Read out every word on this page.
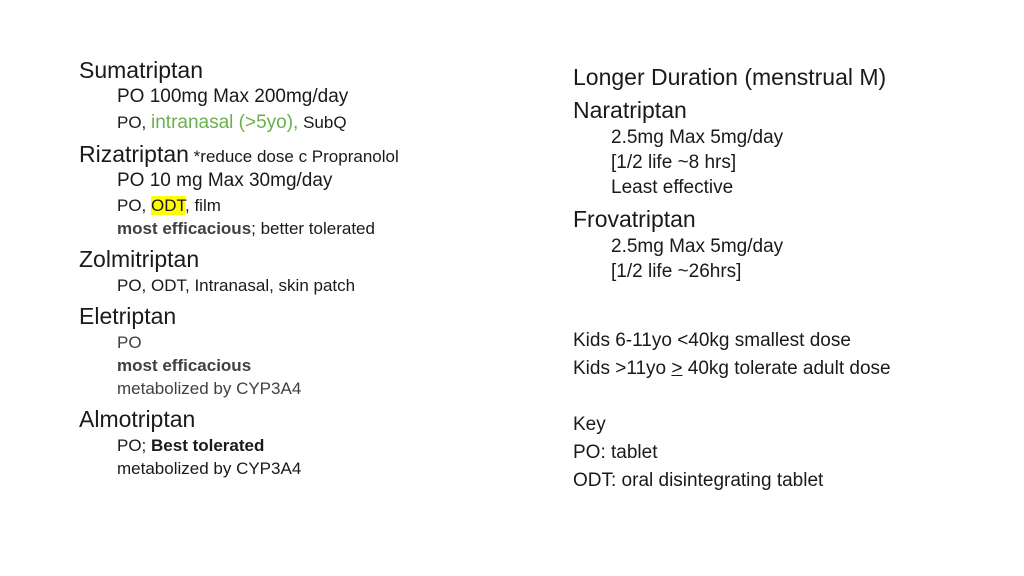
Sumatriptan
PO 100mg Max 200mg/day
PO, intranasal (>5yo), SubQ
Rizatriptan *reduce dose c Propranolol
PO 10 mg Max 30mg/day
PO, ODT, film
most efficacious; better tolerated
Zolmitriptan
PO, ODT, Intranasal, skin patch
Eletriptan
PO
most efficacious
metabolized by CYP3A4
Almotriptan
PO; Best tolerated
metabolized by CYP3A4
Longer Duration (menstrual M)
Naratriptan
2.5mg Max 5mg/day
[1/2 life ~8 hrs]
Least effective
Frovatriptan
2.5mg Max 5mg/day
[1/2 life ~26hrs]
Kids 6-11yo <40kg smallest dose
Kids >11yo > 40kg tolerate adult dose
Key
PO: tablet
ODT: oral disintegrating tablet
